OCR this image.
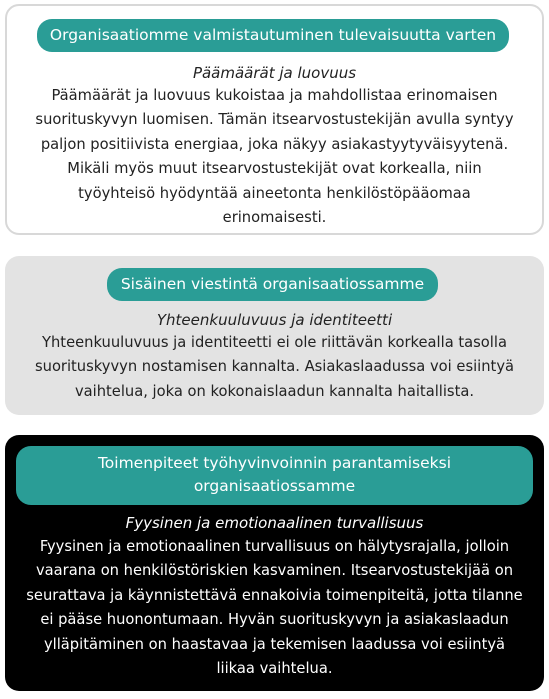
Organisaatiomme valmistautuminen tulevaisuutta varten
Päämäärät ja luovuus
Päämäärät ja luovuus kukoistaa ja mahdollistaa erinomaisen
suorituskyvyn luomisen. Tämän itsearvostustekijän avulla syntyy
paljon positiivista energiaa, joka näkyy asiakastyytyväisyytenä.
Mikäli myös muut itsearvostustekijät ovat korkealla, niin
työyhteisö hyödyntää aineetonta henkilöstöpääomaa
erinomaisesti.
Sisäinen viestintä organisaatiossamme
Yhteenkuuluvuus ja identiteetti
Yhteenkuuluvuus ja identiteetti ei ole riittävän korkealla tasolla
suorituskyvyn nostamisen kannalta. Asiakaslaadussa voi esiintyä
vaihtelua, joka on kokonaislaadun kannalta haitallista.
Toimenpiteet työhyvinvoinnin parantamiseksi
organisaatiossamme
Fyysinen ja emotionaalinen turvallisuus
Fyysinen ja emotionaalinen turvallisuus on hälytysrajalla, jolloin
vaarana on henkilöstöriskien kasvaminen. Itsearvostustekijää on
seurattava ja käynnistettävä ennakoivia toimenpiteitä, jotta tilanne
ei pääse huonontumaan. Hyvän suorituskyvyn ja asiakaslaadun
ylläpitäminen on haastavaa ja tekemisen laadussa voi esiintyä
liikaa vaihtelua.
